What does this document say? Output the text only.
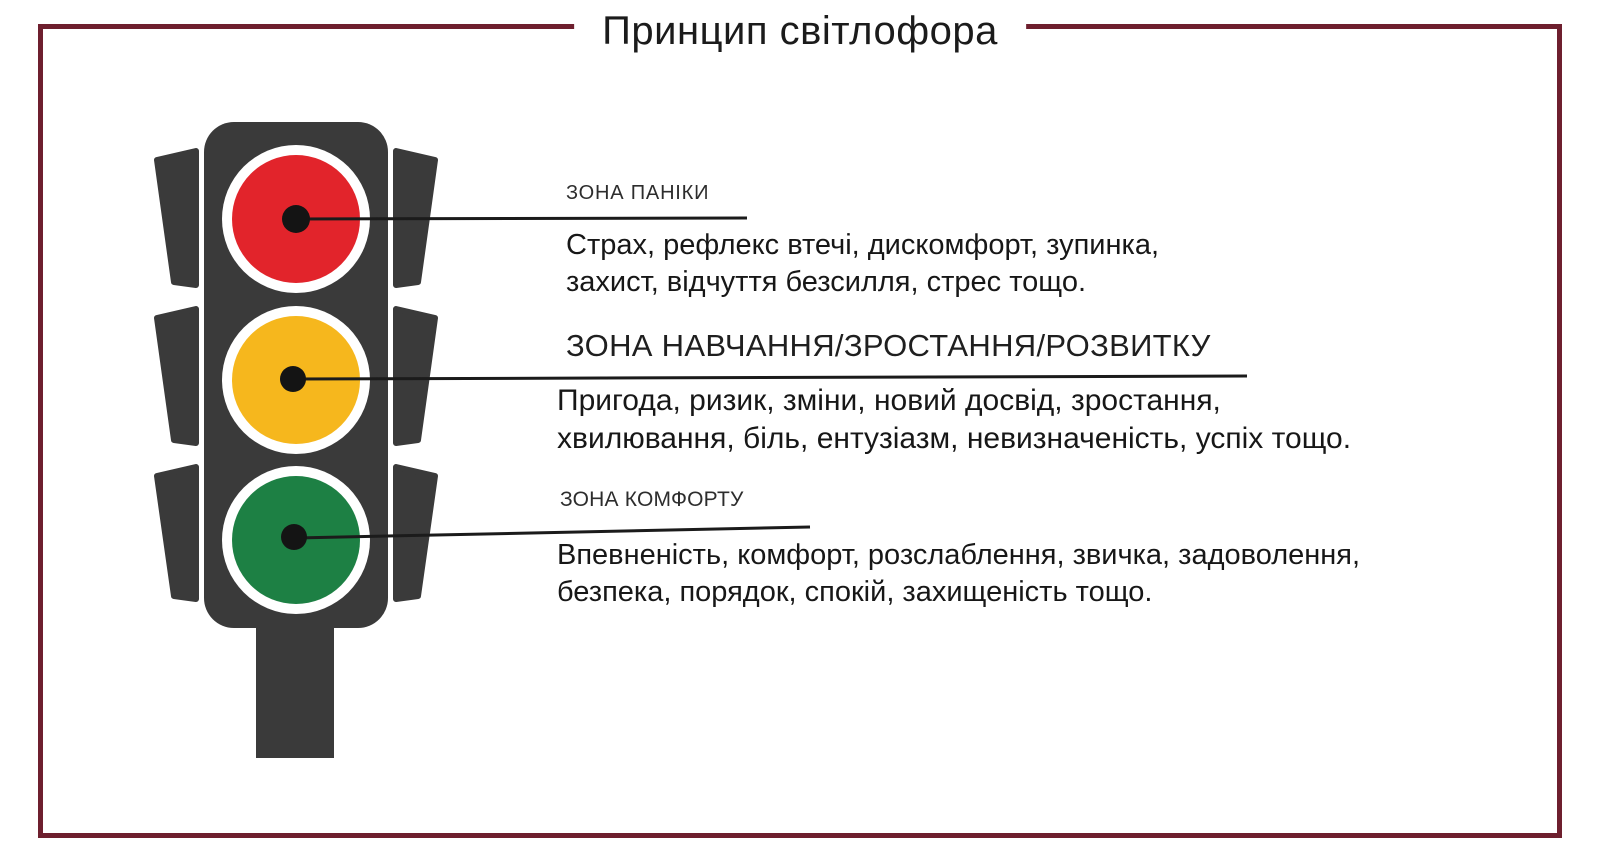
Принцип світлофора
ЗОНА ПАНІКИ
Страх, рефлекс втечі, дискомфорт, зупинка,
захист, відчуття безсилля, стрес тощо.
ЗОНА НАВЧАННЯ/ЗРОСТАННЯ/РОЗВИТКУ
Пригода, ризик, зміни, новий досвід, зростання,
хвилювання, біль, ентузіазм, невизначеність, успіх тощо.
ЗОНА КОМФОРТУ
Впевненість, комфорт, розслаблення, звичка, задоволення,
безпека, порядок, спокій, захищеність тощо.
